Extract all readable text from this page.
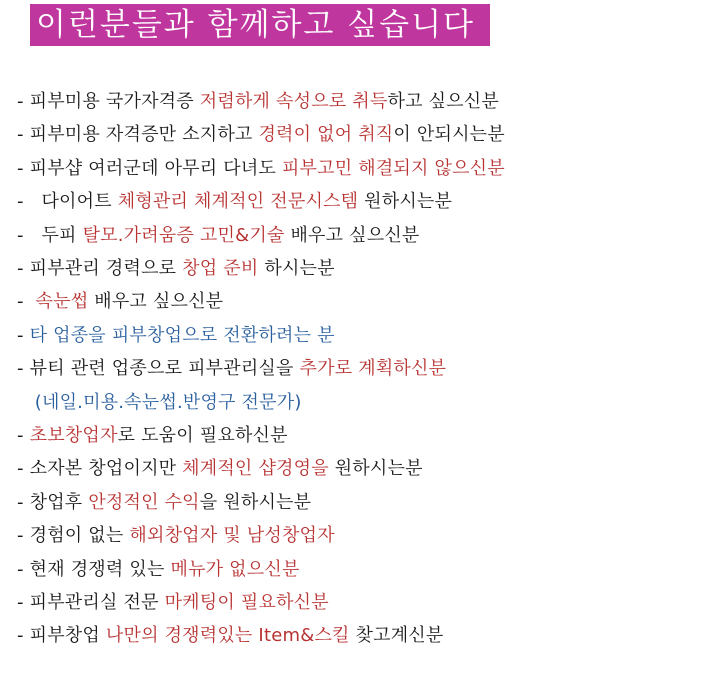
이런분들과 함께하고 싶습니다
- 피부미용 국가자격증 저렴하게 속성으로 취득하고 싶으신분
- 피부미용 자격증만 소지하고 경력이 없어 취직이 안되시는분
- 피부샵 여러군데 아무리 다녀도 피부고민 해결되지 않으신분
-   다이어트 체형관리 체계적인 전문시스템 원하시는분
-   두피 탈모.가려움증 고민&기술 배우고 싶으신분
- 피부관리 경력으로 창업 준비 하시는분
-  속눈썹 배우고 싶으신분
- 타 업종을 피부창업으로 전환하려는 분
- 뷰티 관련 업종으로 피부관리실을 추가로 계획하신분
(네일.미용.속눈썹.반영구 전문가)
- 초보창업자로 도움이 필요하신분
- 소자본 창업이지만 체계적인 샵경영을 원하시는분
- 창업후 안정적인 수익을 원하시는분
- 경험이 없는 해외창업자 및 남성창업자
- 현재 경쟁력 있는 메뉴가 없으신분
- 피부관리실 전문 마케팅이 필요하신분
- 피부창업 나만의 경쟁력있는 Item&스킬 찾고계신분
